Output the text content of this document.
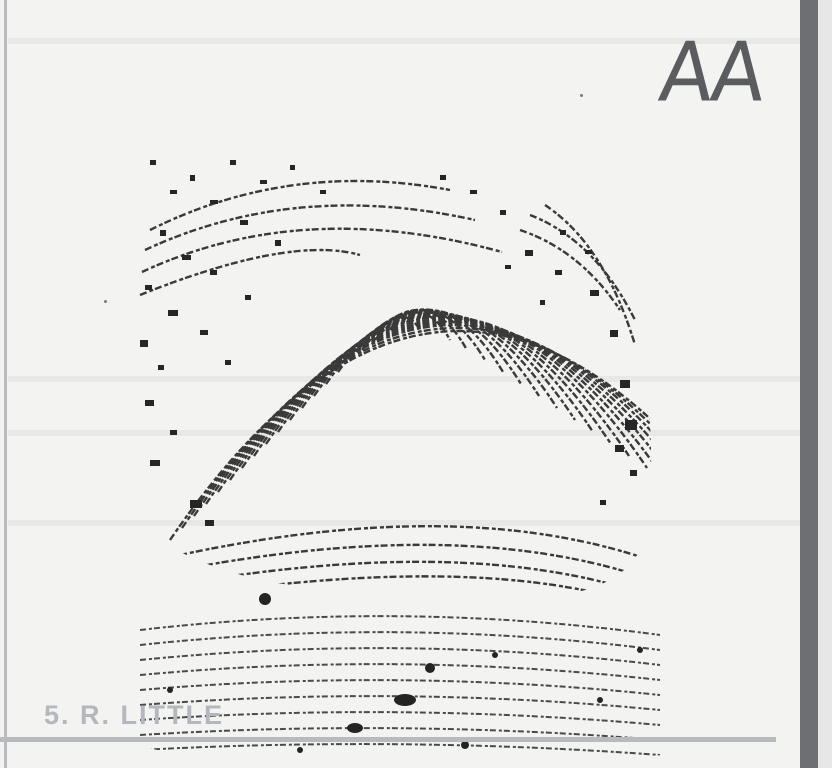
AA
5. R. LITTLE
